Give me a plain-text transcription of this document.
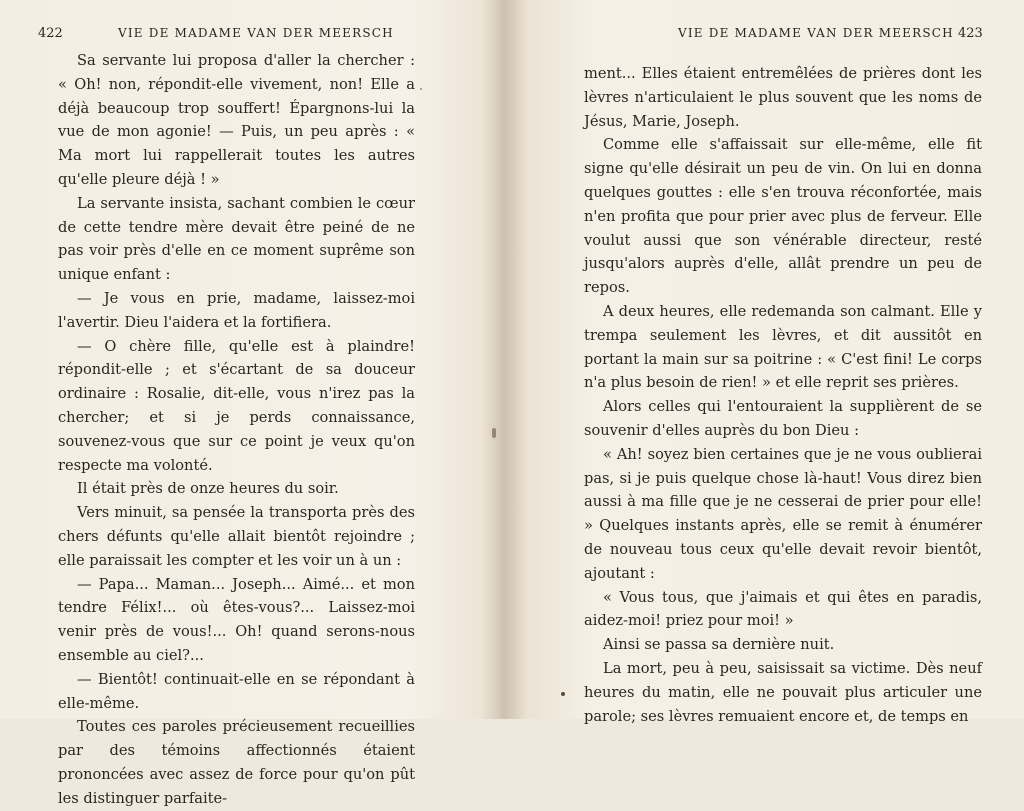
422	VIE DE MADAME VAN DER MEERSCH

Sa servante lui proposa d'aller la chercher : « Oh! non, répondit-elle vivement, non! Elle a déjà beaucoup trop souffert! Épargnons-lui la vue de mon agonie! — Puis, un peu après : « Ma mort lui rappellerait toutes les autres qu'elle pleure déjà ! »

La servante insista, sachant combien le cœur de cette tendre mère devait être peiné de ne pas voir près d'elle en ce moment suprême son unique enfant :

— Je vous en prie, madame, laissez-moi l'avertir. Dieu l'aidera et la fortifiera.

— O chère fille, qu'elle est à plaindre! répondit-elle ; et s'écartant de sa douceur ordinaire : Rosalie, dit-elle, vous n'irez pas la chercher; et si je perds connaissance, souvenez-vous que sur ce point je veux qu'on respecte ma volonté.

Il était près de onze heures du soir.

Vers minuit, sa pensée la transporta près des chers défunts qu'elle allait bientôt rejoindre ; elle paraissait les compter et les voir un à un :

— Papa... Maman... Joseph... Aimé... et mon tendre Félix!... où êtes-vous?... Laissez-moi venir près de vous!... Oh! quand serons-nous ensemble au ciel?...

— Bientôt! continuait-elle en se répondant à elle-même.

Toutes ces paroles précieusement recueillies par des témoins affectionnés étaient prononcées avec assez de force pour qu'on pût les distinguer parfaite-

VIE DE MADAME VAN DER MEERSCH 423

ment... Elles étaient entremêlées de prières dont les lèvres n'articulaient le plus souvent que les noms de Jésus, Marie, Joseph.

Comme elle s'affaissait sur elle-même, elle fit signe qu'elle désirait un peu de vin. On lui en donna quelques gouttes : elle s'en trouva réconfortée, mais n'en profita que pour prier avec plus de ferveur. Elle voulut aussi que son vénérable directeur, resté jusqu'alors auprès d'elle, allât prendre un peu de repos.

A deux heures, elle redemanda son calmant. Elle y trempa seulement les lèvres, et dit aussitôt en portant la main sur sa poitrine : « C'est fini! Le corps n'a plus besoin de rien! » et elle reprit ses prières.

Alors celles qui l'entouraient la supplièrent de se souvenir d'elles auprès du bon Dieu :

« Ah! soyez bien certaines que je ne vous oublierai pas, si je puis quelque chose là-haut! Vous direz bien aussi à ma fille que je ne cesserai de prier pour elle! » Quelques instants après, elle se remit à énumérer de nouveau tous ceux qu'elle devait revoir bientôt, ajoutant :

« Vous tous, que j'aimais et qui êtes en paradis, aidez-moi! priez pour moi! »

Ainsi se passa sa dernière nuit.

La mort, peu à peu, saisissait sa victime. Dès neuf heures du matin, elle ne pouvait plus articuler une parole; ses lèvres remuaient encore et, de temps en
